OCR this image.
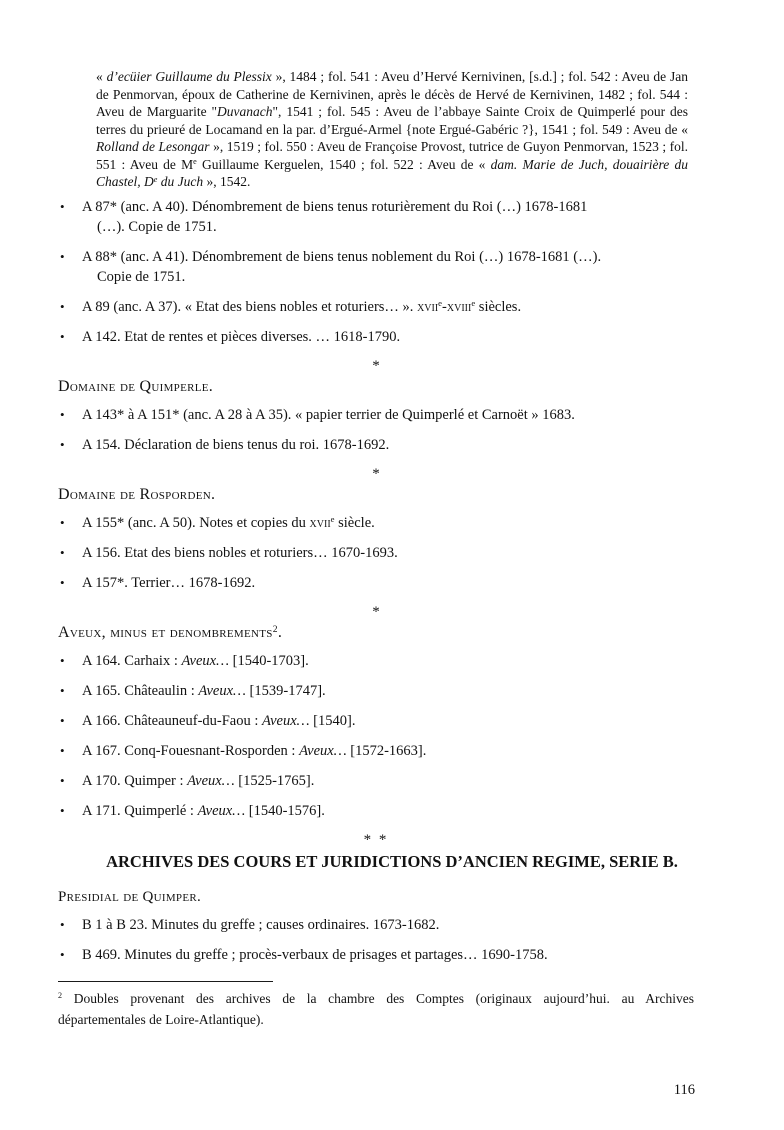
« d’ecüier Guillaume du Plessix », 1484 ; fol. 541 : Aveu d’Hervé Kernivinen, [s.d.] ; fol. 542 : Aveu de Jan de Penmorvan, époux de Catherine de Kernivinen, après le décès de Hervé de Kernivinen, 1482 ; fol. 544 : Aveu de Marguarite "Duvanach", 1541 ; fol. 545 : Aveu de l’abbaye Sainte Croix de Quimperlé pour des terres du prieuré de Locamand en la par. d’Ergué-Armel {note Ergué-Gabéric ?}, 1541 ; fol. 549 : Aveu de « Rolland de Lesongar », 1519 ; fol. 550 : Aveu de Françoise Provost, tutrice de Guyon Penmorvan, 1523 ; fol. 551 : Aveu de Me Guillaume Kerguelen, 1540 ; fol. 522 : Aveu de « dam. Marie de Juch, douairière du Chastel, De du Juch », 1542.

• A 87* (anc. A 40). Dénombrement de biens tenus roturièrement du Roi (…) 1678-1681
(…). Copie de 1751.
• A 88* (anc. A 41). Dénombrement de biens tenus noblement du Roi (…) 1678-1681 (…).
Copie de 1751.
• A 89 (anc. A 37). « Etat des biens nobles et roturiers… ». xvii$^e$-xviii$^e$ siècles.
• A 142. Etat de rentes et pièces diverses. … 1618-1790.
*
Domaine de Quimperle.
• A 143* à A 151* (anc. A 28 à A 35). « papier terrier de Quimperlé et Carnoët » 1683.
• A 154. Déclaration de biens tenus du roi. 1678-1692.
*
Domaine de Rosporden.
• A 155* (anc. A 50). Notes et copies du xvii$^e$ siècle.
• A 156. Etat des biens nobles et roturiers… 1670-1693.
• A 157*. Terrier… 1678-1692.
*
Aveux, minus et denombrements$^2$.
• A 164. Carhaix : Aveux… [1540-1703].
• A 165. Châteaulin : Aveux… [1539-1747].
• A 166. Châteauneuf-du-Faou : Aveux… [1540].
• A 167. Conq-Fouesnant-Rosporden : Aveux… [1572-1663].
• A 170. Quimper : Aveux… [1525-1765].
• A 171. Quimperlé : Aveux… [1540-1576].
* *
ARCHIVES DES COURS ET JURIDICTIONS D’ANCIEN REGIME, SERIE B.
Presidial de Quimper.
• B 1 à B 23. Minutes du greffe ; causes ordinaires. 1673-1682.
• B 469. Minutes du greffe ; procès-verbaux de prisages et partages… 1690-1758.
$^2$ Doubles provenant des archives de la chambre des Comptes (originaux aujourd’hui. au Archives
départementales de Loire-Atlantique).
116
